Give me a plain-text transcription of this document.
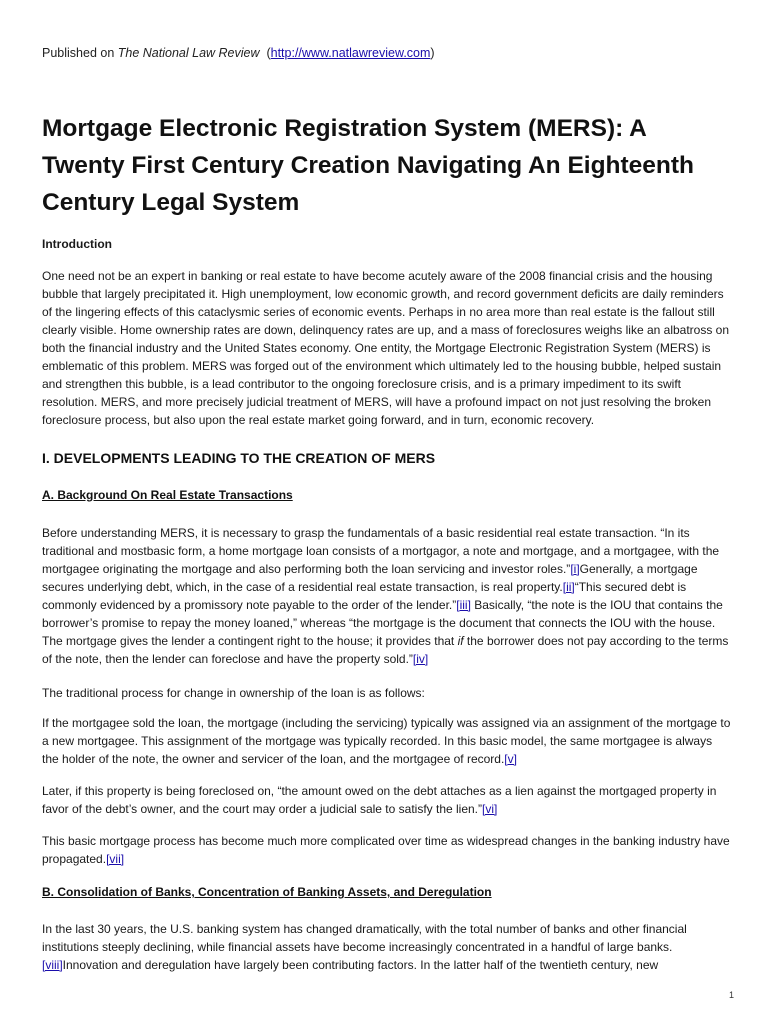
Published on The National Law Review  (http://www.natlawreview.com)
Mortgage Electronic Registration System (MERS): A Twenty First Century Creation Navigating An Eighteenth Century Legal System
Introduction

One need not be an expert in banking or real estate to have become acutely aware of the 2008 financial crisis and the housing bubble that largely precipitated it. High unemployment, low economic growth, and record government deficits are daily reminders of the lingering effects of this cataclysmic series of economic events. Perhaps in no area more than real estate is the fallout still clearly visible. Home ownership rates are down, delinquency rates are up, and a mass of foreclosures weighs like an albatross on both the financial industry and the United States economy. One entity, the Mortgage Electronic Registration System (MERS) is emblematic of this problem. MERS was forged out of the environment which ultimately led to the housing bubble, helped sustain and strengthen this bubble, is a lead contributor to the ongoing foreclosure crisis, and is a primary impediment to its swift resolution. MERS, and more precisely judicial treatment of MERS, will have a profound impact on not just resolving the broken foreclosure process, but also upon the real estate market going forward, and in turn, economic recovery.

I. DEVELOPMENTS LEADING TO THE CREATION OF MERS
A. Background On Real Estate Transactions

Before understanding MERS, it is necessary to grasp the fundamentals of a basic residential real estate transaction. “In its traditional and mostbasic form, a home mortgage loan consists of a mortgagor, a note and mortgage, and a mortgagee, with the mortgagee originating the mortgage and also performing both the loan servicing and investor roles.”[i]Generally, a mortgage secures underlying debt, which, in the case of a residential real estate transaction, is real property.[ii]“This secured debt is commonly evidenced by a promissory note payable to the order of the lender.”[iii] Basically, “the note is the IOU that contains the borrower’s promise to repay the money loaned,” whereas “the mortgage is the document that connects the IOU with the house. The mortgage gives the lender a contingent right to the house; it provides that if the borrower does not pay according to the terms of the note, then the lender can foreclose and have the property sold.”[iv]

The traditional process for change in ownership of the loan is as follows:

If the mortgagee sold the loan, the mortgage (including the servicing) typically was assigned via an assignment of the mortgage to a new mortgagee. This assignment of the mortgage was typically recorded. In this basic model, the same mortgagee is always the holder of the note, the owner and servicer of the loan, and the mortgagee of record.[v]

Later, if this property is being foreclosed on, “the amount owed on the debt attaches as a lien against the mortgaged property in favor of the debt’s owner, and the court may order a judicial sale to satisfy the lien.”[vi]

This basic mortgage process has become much more complicated over time as widespread changes in the banking industry have propagated.[vii]

B. Consolidation of Banks, Concentration of Banking Assets, and Deregulation

In the last 30 years, the U.S. banking system has changed dramatically, with the total number of banks and other financial institutions steeply declining, while financial assets have become increasingly concentrated in a handful of large banks.[viii]Innovation and deregulation have largely been contributing factors. In the latter half of the twentieth century, new

1
